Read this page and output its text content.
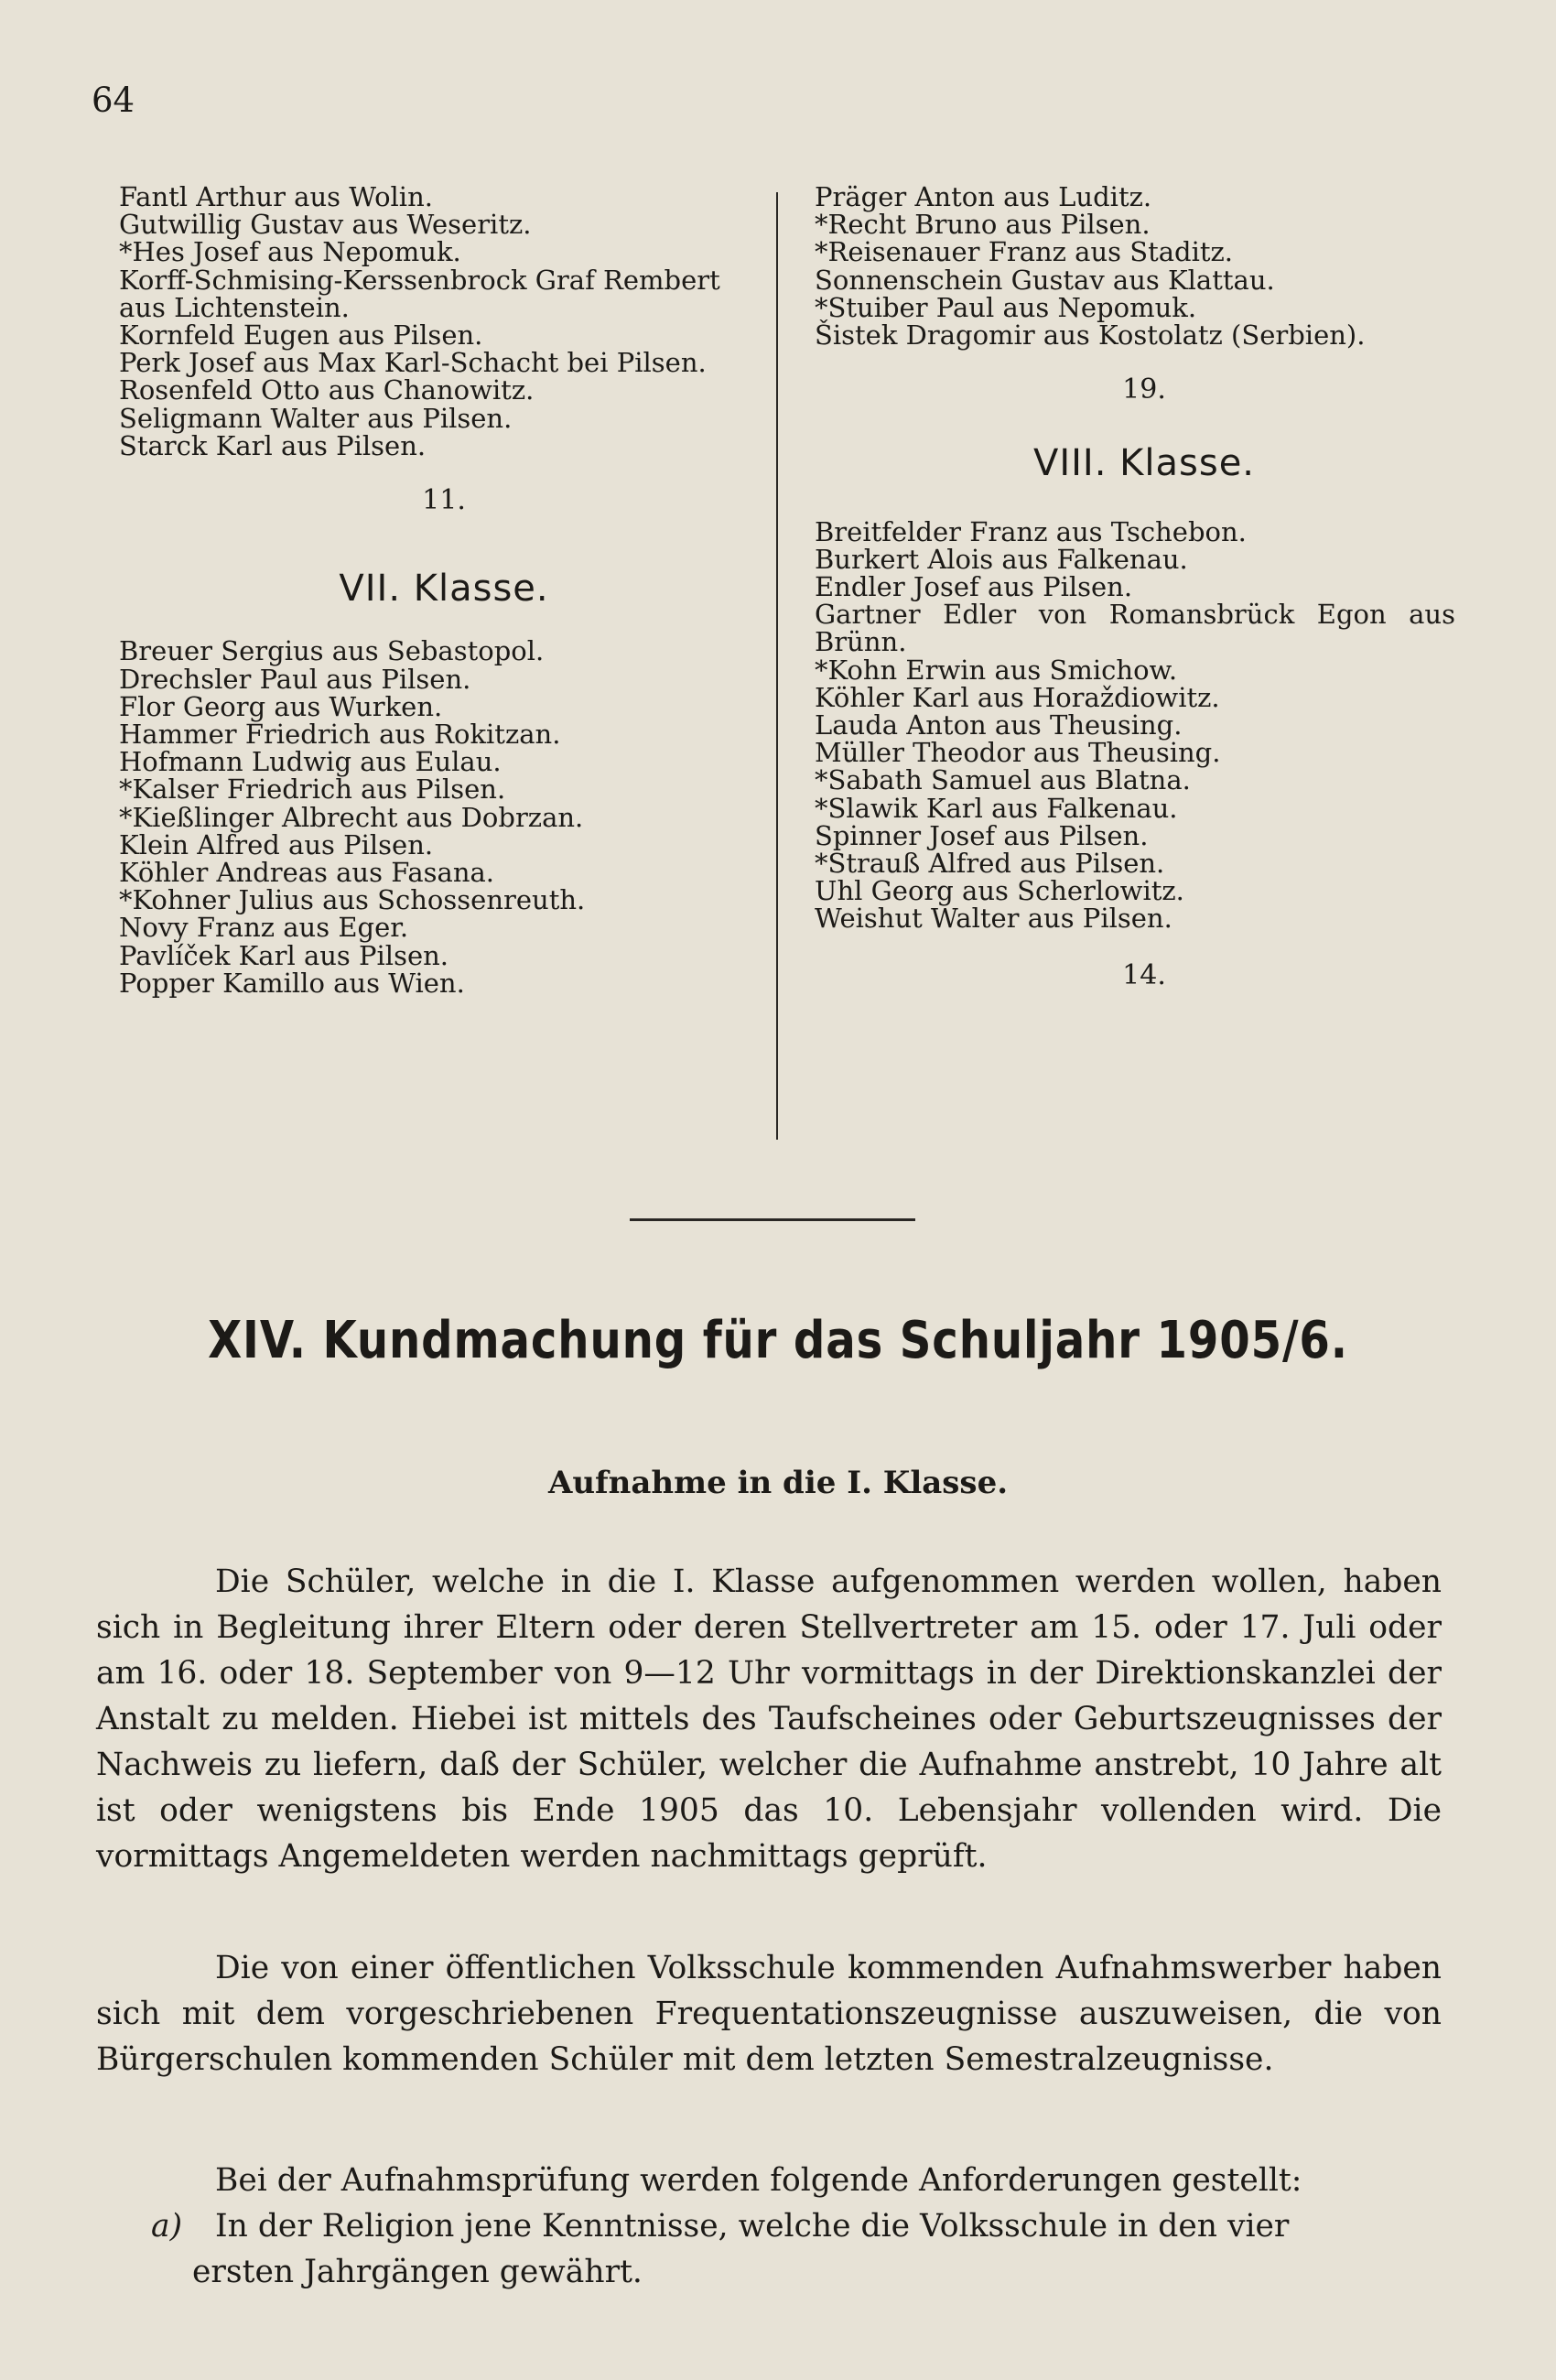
64
Fantl Arthur aus Wolin.
Gutwillig Gustav aus Weseritz.
*Hes Josef aus Nepomuk.
Korff-Schmising-Kerssenbrock Graf Rembert aus Lichtenstein.
Kornfeld Eugen aus Pilsen.
Perk Josef aus Max Karl-Schacht bei Pilsen.
Rosenfeld Otto aus Chanowitz.
Seligmann Walter aus Pilsen.
Starck Karl aus Pilsen.
11.
VII. Klasse.
Breuer Sergius aus Sebastopol.
Drechsler Paul aus Pilsen.
Flor Georg aus Wurken.
Hammer Friedrich aus Rokitzan.
Hofmann Ludwig aus Eulau.
*Kalser Friedrich aus Pilsen.
*Kießlinger Albrecht aus Dobrzan.
Klein Alfred aus Pilsen.
Köhler Andreas aus Fasana.
*Kohner Julius aus Schossenreuth.
Novy Franz aus Eger.
Pavlíček Karl aus Pilsen.
Popper Kamillo aus Wien.
Präger Anton aus Luditz.
*Recht Bruno aus Pilsen.
*Reisenauer Franz aus Staditz.
Sonnenschein Gustav aus Klattau.
*Stuiber Paul aus Nepomuk.
Šistek Dragomir aus Kostolatz (Serbien).
19.
VIII. Klasse.
Breitfelder Franz aus Tschebon.
Burkert Alois aus Falkenau.
Endler Josef aus Pilsen.
Gartner Edler von Romansbrück Egon aus Brünn.
*Kohn Erwin aus Smichow.
Köhler Karl aus Horaždiowitz.
Lauda Anton aus Theusing.
Müller Theodor aus Theusing.
*Sabath Samuel aus Blatna.
*Slawik Karl aus Falkenau.
Spinner Josef aus Pilsen.
*Strauß Alfred aus Pilsen.
Uhl Georg aus Scherlowitz.
Weishut Walter aus Pilsen.
14.
XIV. Kundmachung für das Schuljahr 1905/6.
Aufnahme in die I. Klasse.

Die Schüler, welche in die I. Klasse aufgenommen werden wollen, haben sich in Begleitung ihrer Eltern oder deren Stellvertreter am 15. oder 17. Juli oder am 16. oder 18. September von 9—12 Uhr vormittags in der Direktionskanzlei der Anstalt zu melden. Hiebei ist mittels des Taufscheines oder Geburtszeugnisses der Nachweis zu liefern, daß der Schüler, welcher die Aufnahme anstrebt, 10 Jahre alt ist oder wenigstens bis Ende 1905 das 10. Lebensjahr vollenden wird. Die vormittags Angemeldeten werden nachmittags geprüft.

Die von einer öffentlichen Volksschule kommenden Aufnahmswerber haben sich mit dem vorgeschriebenen Frequentationszeugnisse auszuweisen, die von Bürgerschulen kommenden Schüler mit dem letzten Semestralzeugnisse.

Bei der Aufnahmsprüfung werden folgende Anforderungen gestellt:

a)	In der Religion jene Kenntnisse, welche die Volksschule in den vier
ersten Jahrgängen gewährt.
